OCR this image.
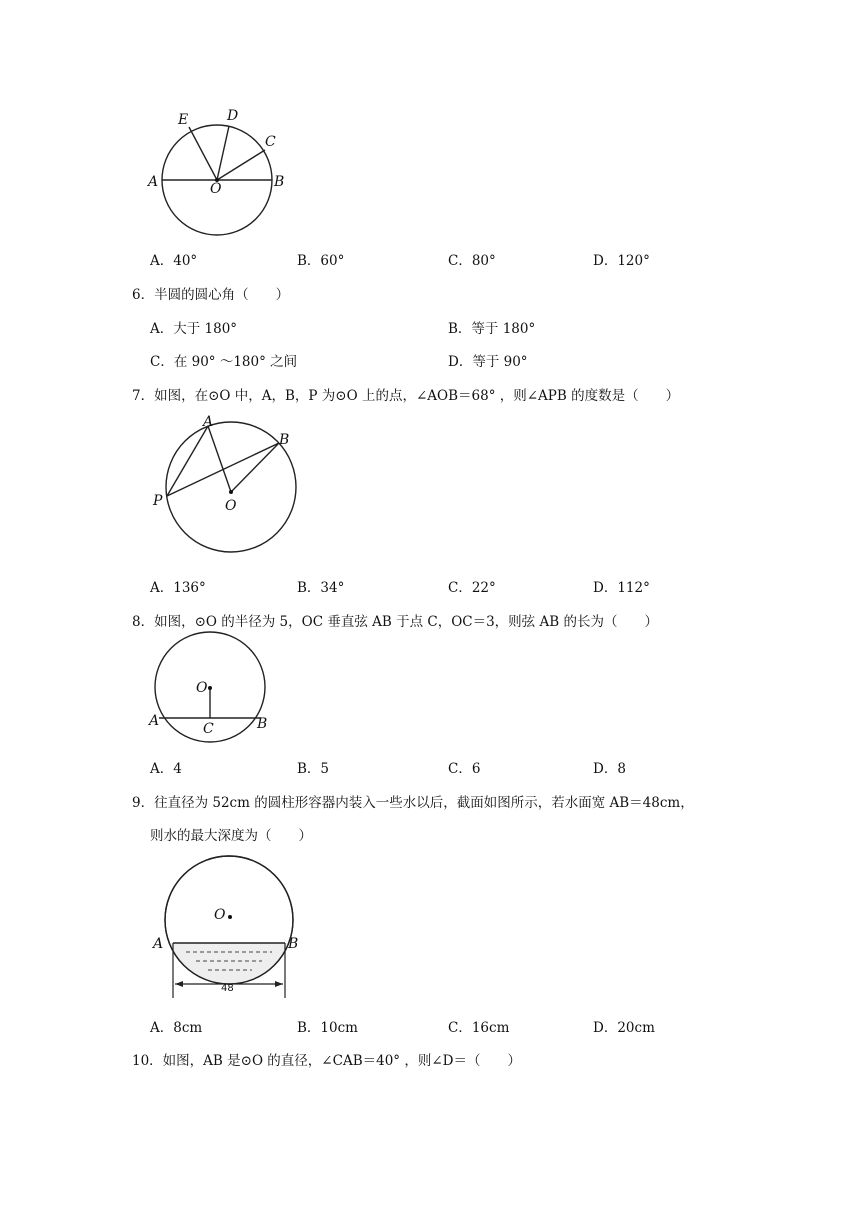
E	D
C
A	O	B
A．40°	B．60°	C．80°	D．120°
6．半圆的圆心角（　　）
A．大于 180°	B．等于 180°
C．在 90° ～180° 之间	D．等于 90°
7．如图，在⊙O 中，A，B，P 为⊙O 上的点，∠AOB＝68° ，则∠APB 的度数是（　　）
A
B
P	O
A．136°	B．34°	C．22°	D．112°
8．如图，⊙O 的半径为 5，OC 垂直弦 AB 于点 C，OC＝3，则弦 AB 的长为（　　）
O
A	C	B
A．4	B．5	C．6	D．8
9．往直径为 52cm 的圆柱形容器内装入一些水以后，截面如图所示，若水面宽 AB＝48cm，
则水的最大深度为（　　）
O
A	B
48
A．8cm	B．10cm	C．16cm	D．20cm
10．如图，AB 是⊙O 的直径，∠CAB＝40° ，则∠D＝（　　）
